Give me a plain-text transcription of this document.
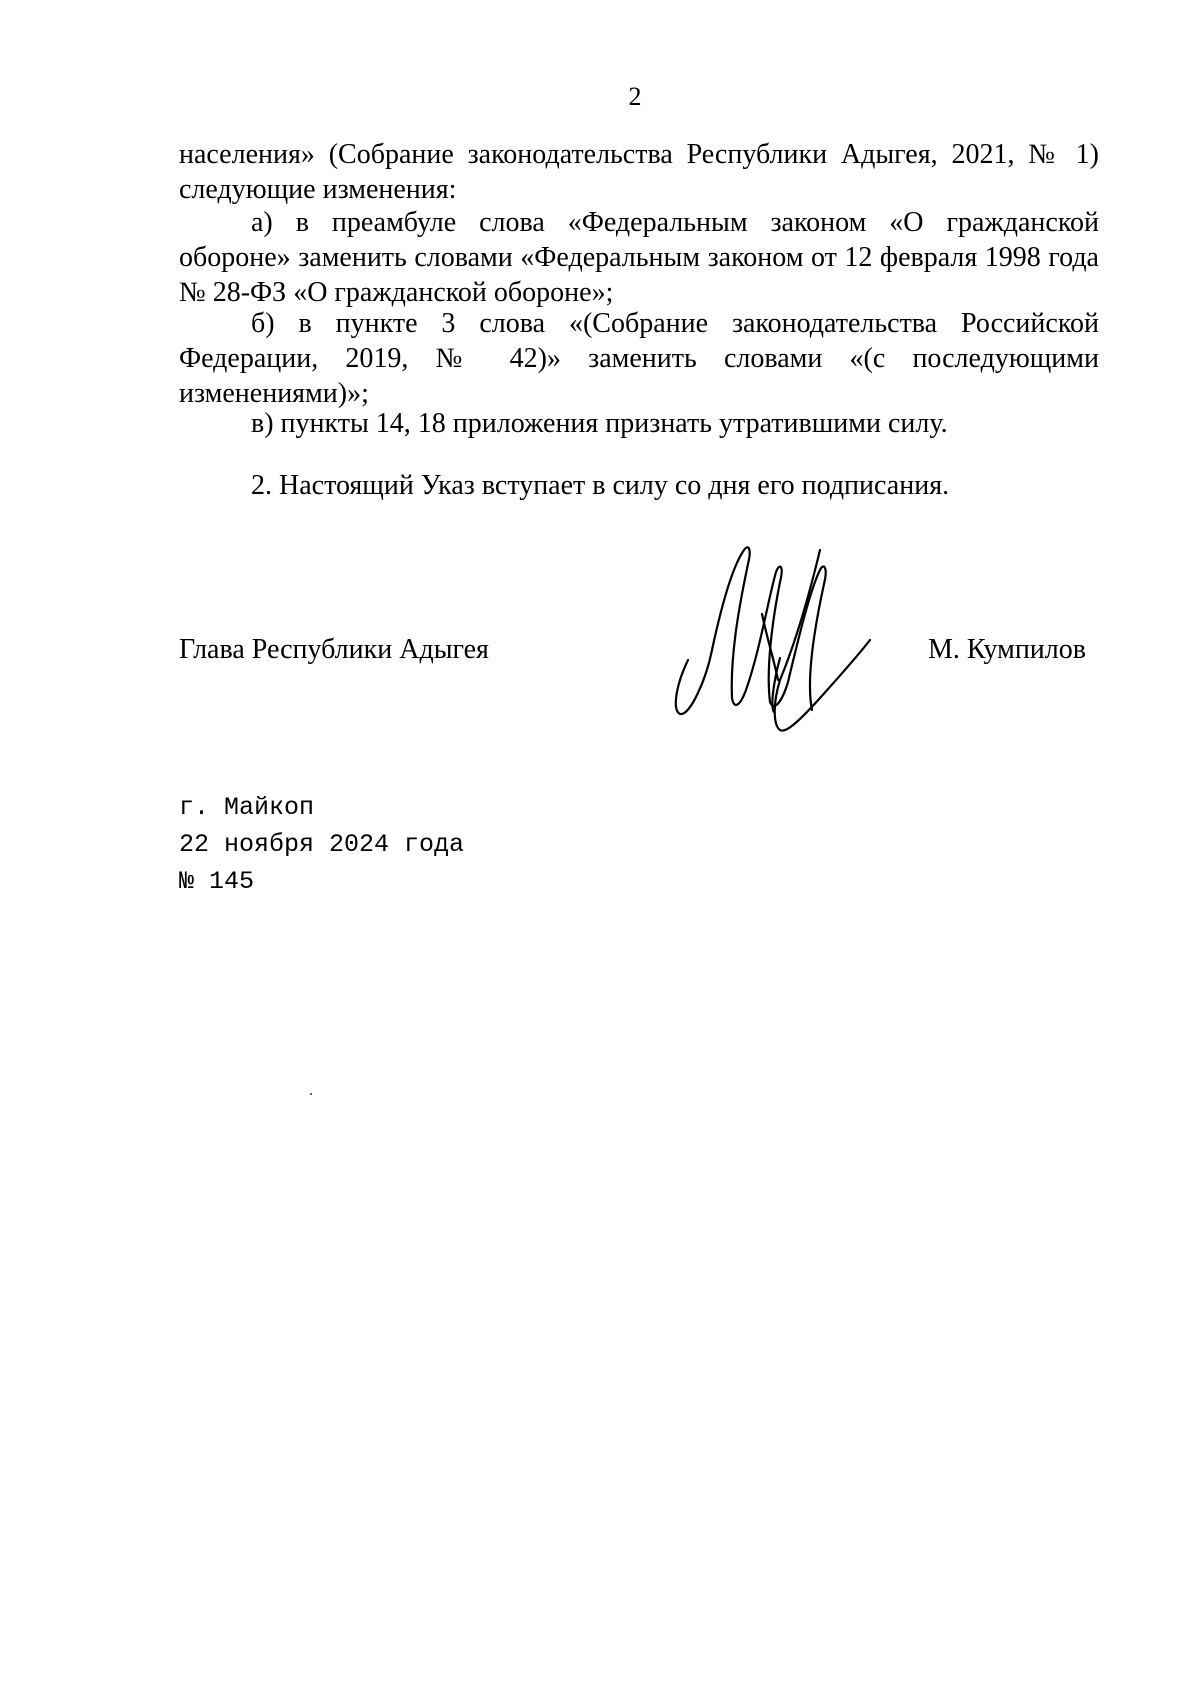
2

населения» (Собрание законодательства Республики Адыгея, 2021, № 1) следующие изменения:

а) в преамбуле слова «Федеральным законом «О гражданской обороне» заменить словами «Федеральным законом от 12 февраля 1998 года № 28-ФЗ «О гражданской обороне»;

б) в пункте 3 слова «(Собрание законодательства Российской Федерации, 2019, № 42)» заменить словами «(с последующими изменениями)»;

в) пункты 14, 18 приложения признать утратившими силу.

2. Настоящий Указ вступает в силу со дня его подписания.

Глава Республики Адыгея	М. Кумпилов
г. Майкоп
22 ноября 2024 года
№ 145
